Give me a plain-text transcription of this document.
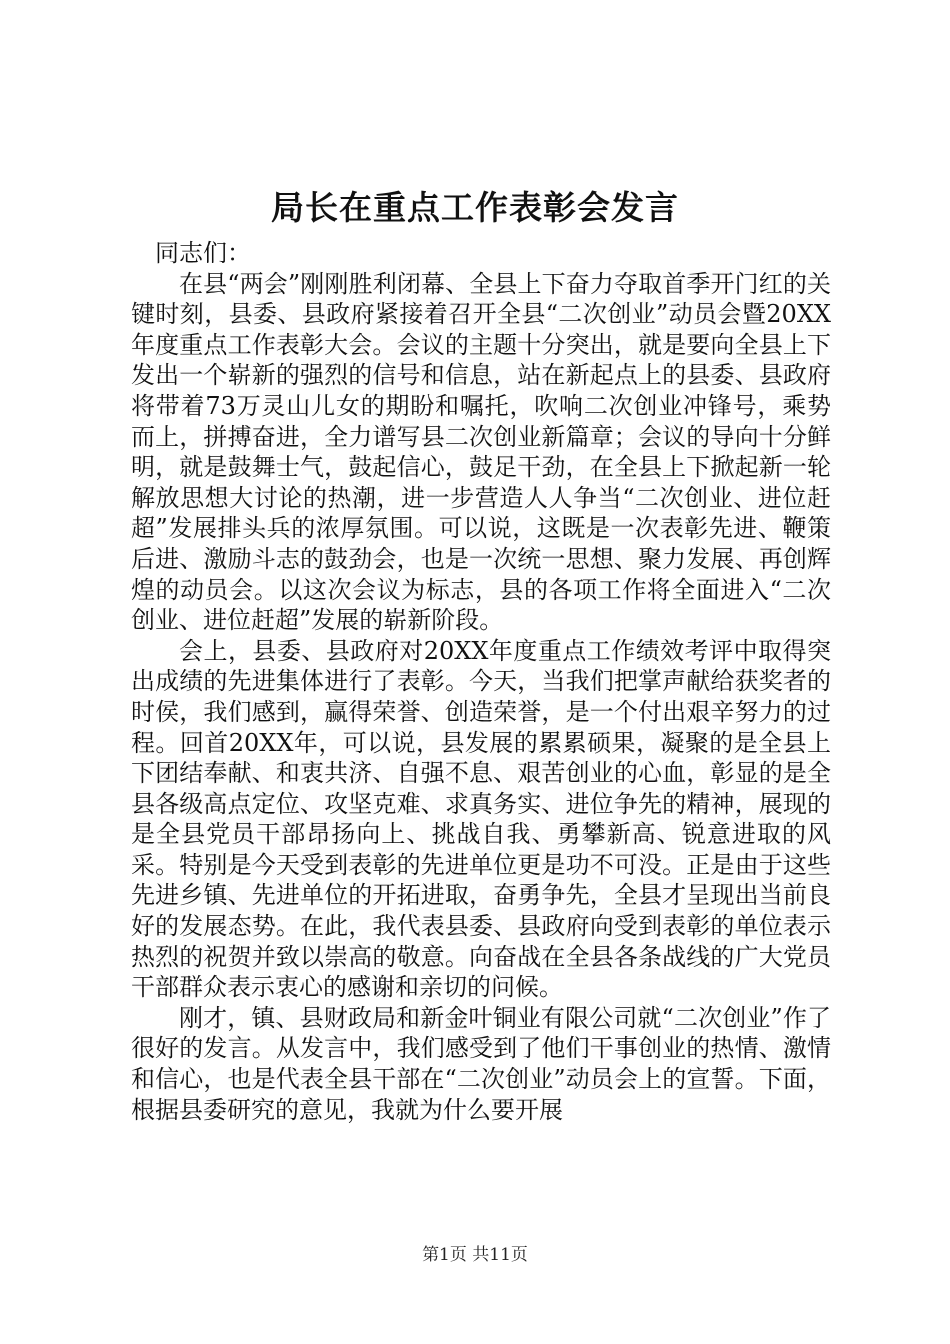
局长在重点工作表彰会发言

同志们：

在县“两会”刚刚胜利闭幕、全县上下奋力夺取首季开门红的关键时刻，县委、县政府紧接着召开全县“二次创业”动员会暨20XX年度重点工作表彰大会。会议的主题十分突出，就是要向全县上下发出一个崭新的强烈的信号和信息，站在新起点上的县委、县政府将带着73万灵山儿女的期盼和嘱托，吹响二次创业冲锋号，乘势而上，拼搏奋进，全力谱写县二次创业新篇章；会议的导向十分鲜明，就是鼓舞士气，鼓起信心，鼓足干劲，在全县上下掀起新一轮解放思想大讨论的热潮，进一步营造人人争当“二次创业、进位赶超”发展排头兵的浓厚氛围。可以说，这既是一次表彰先进、鞭策后进、激励斗志的鼓劲会，也是一次统一思想、聚力发展、再创辉煌的动员会。以这次会议为标志，县的各项工作将全面进入“二次创业、进位赶超”发展的崭新阶段。

会上，县委、县政府对20XX年度重点工作绩效考评中取得突出成绩的先进集体进行了表彰。今天，当我们把掌声献给获奖者的时侯，我们感到，赢得荣誉、创造荣誉，是一个付出艰辛努力的过程。回首20XX年，可以说，县发展的累累硕果，凝聚的是全县上下团结奉献、和衷共济、自强不息、艰苦创业的心血，彰显的是全县各级高点定位、攻坚克难、求真务实、进位争先的精神，展现的是全县党员干部昂扬向上、挑战自我、勇攀新高、锐意进取的风采。特别是今天受到表彰的先进单位更是功不可没。正是由于这些先进乡镇、先进单位的开拓进取，奋勇争先，全县才呈现出当前良好的发展态势。在此，我代表县委、县政府向受到表彰的单位表示热烈的祝贺并致以崇高的敬意。向奋战在全县各条战线的广大党员干部群众表示衷心的感谢和亲切的问候。

刚才，镇、县财政局和新金叶铜业有限公司就“二次创业”作了很好的发言。从发言中，我们感受到了他们干事创业的热情、激情和信心，也是代表全县干部在“二次创业”动员会上的宣誓。下面，根据县委研究的意见，我就为什么要开展

第1页 共11页
